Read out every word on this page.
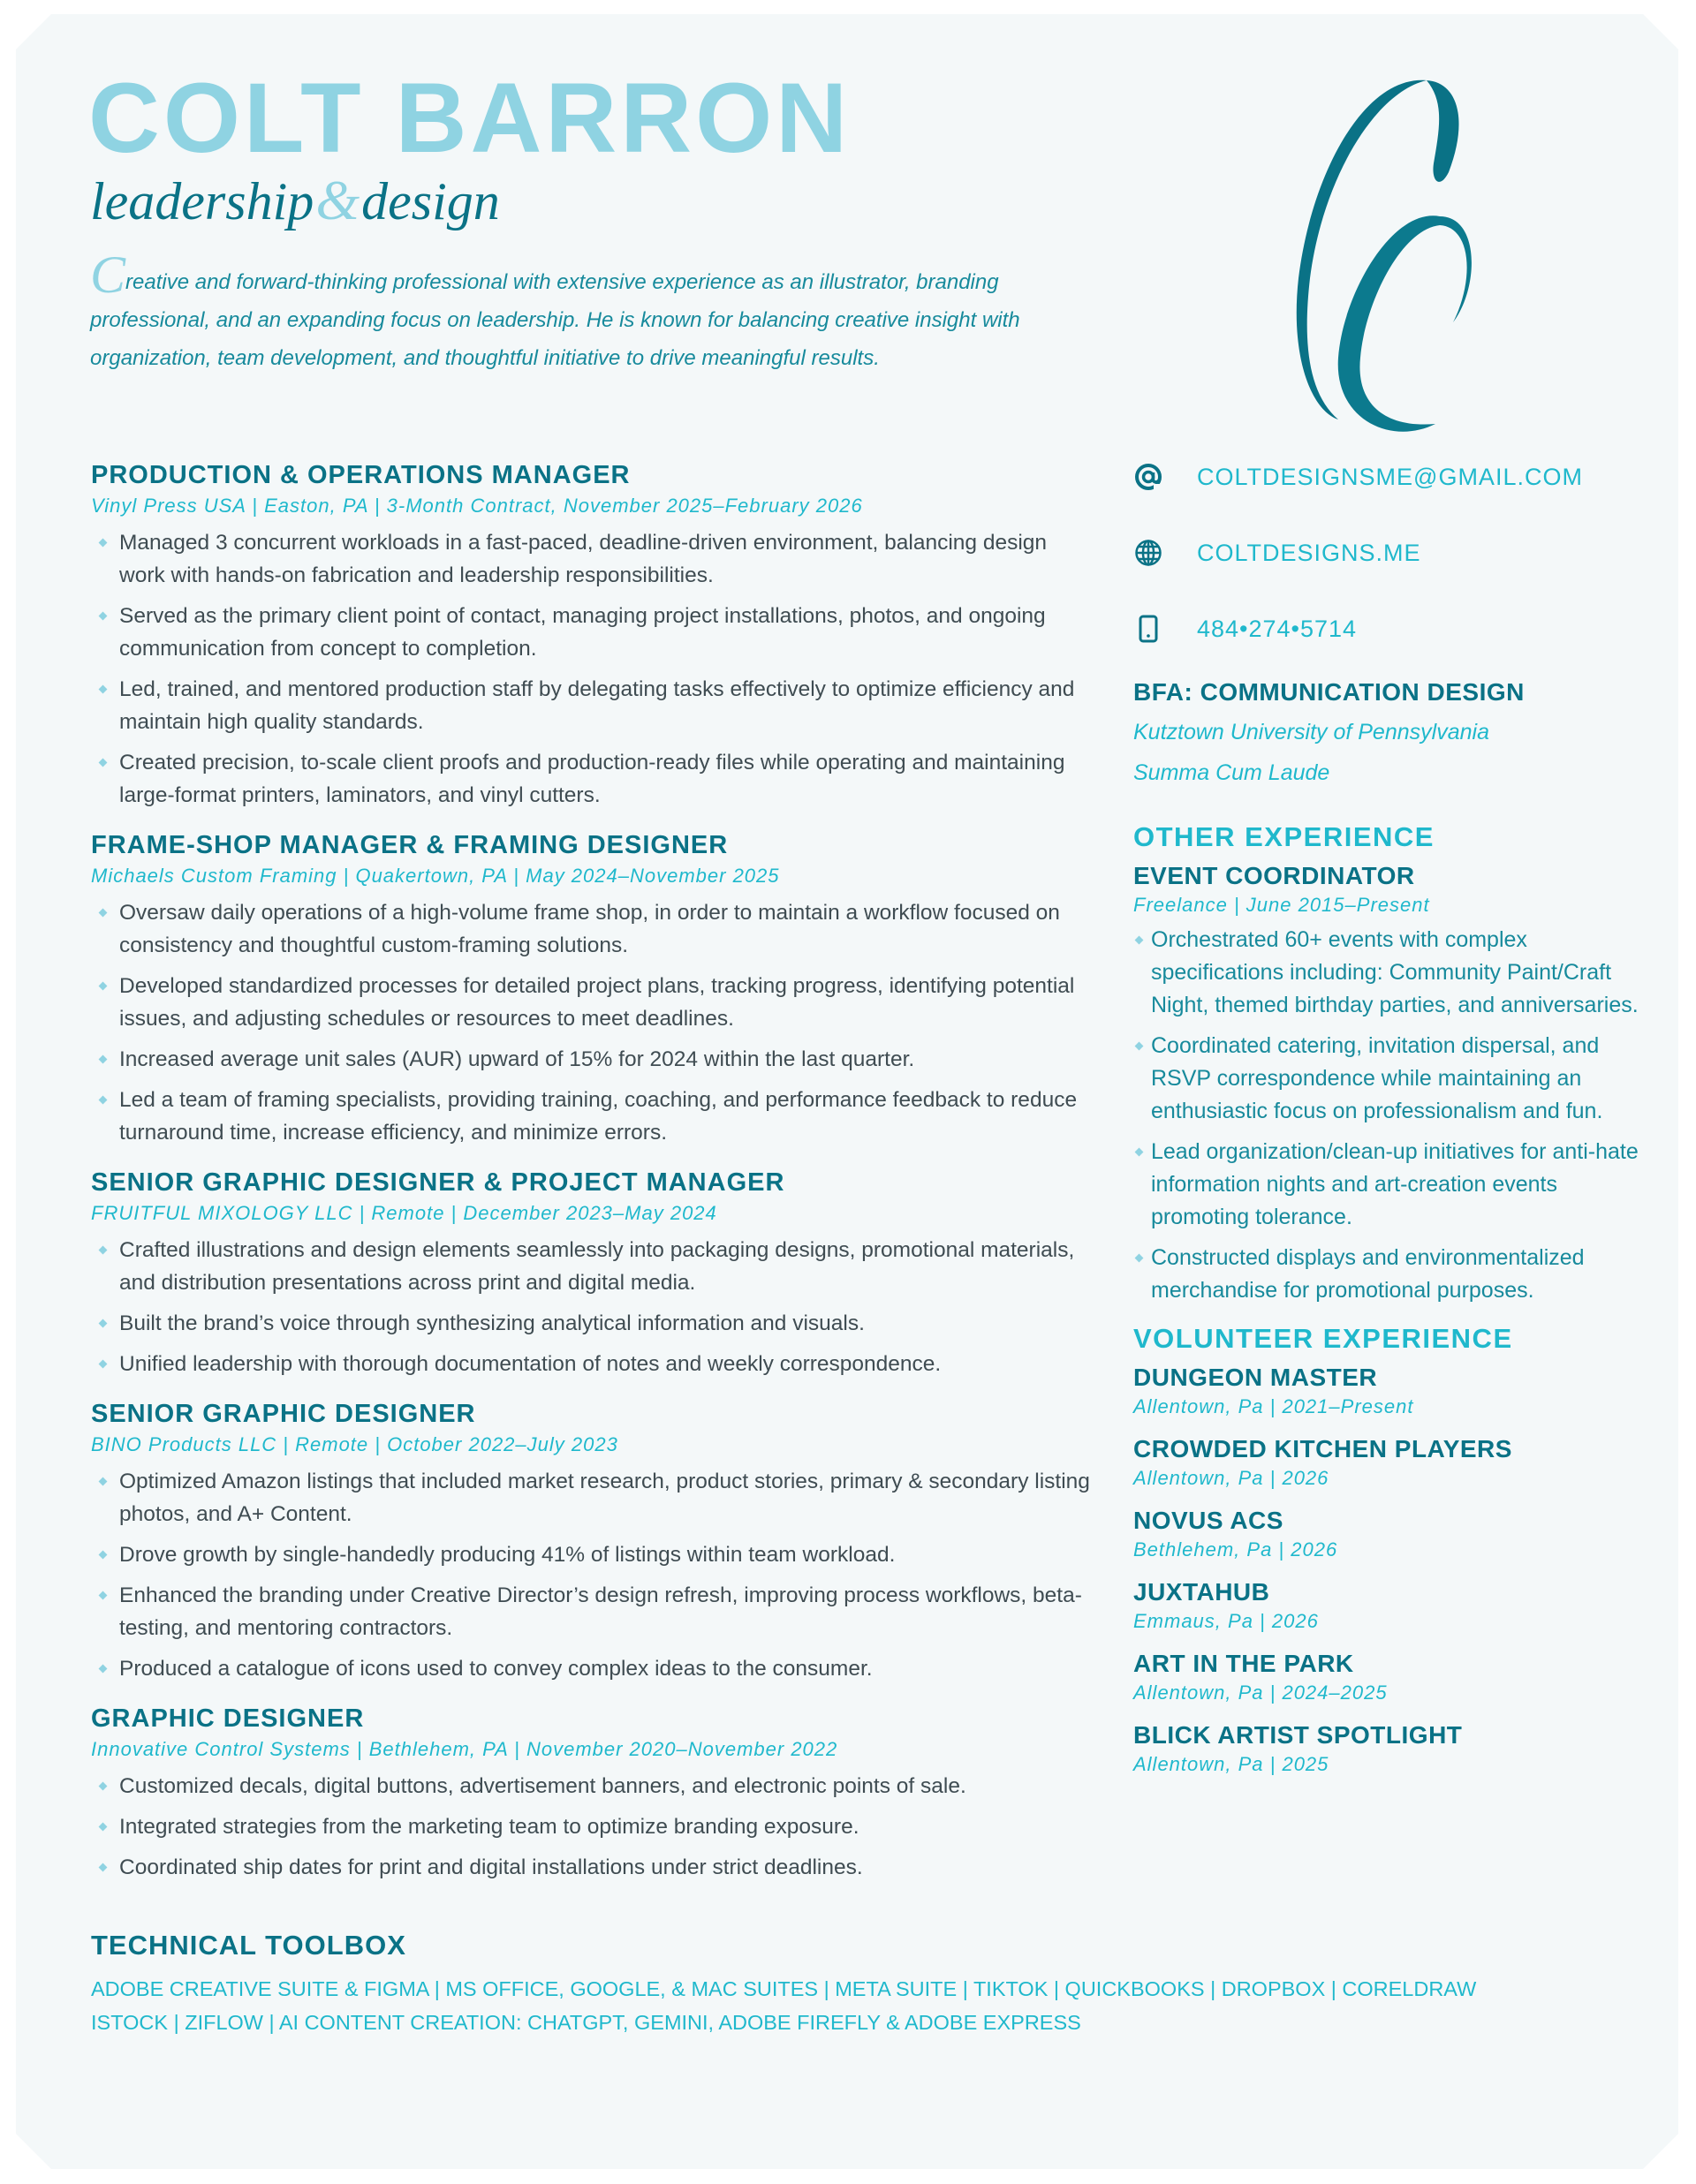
COLT BARRON
leadership&design
Creative and forward-thinking professional with extensive experience as an illustrator, branding professional, and an expanding focus on leadership. He is known for balancing creative insight with organization, team development, and thoughtful initiative to drive meaningful results.
PRODUCTION & OPERATIONS MANAGER
Vinyl Press USA | Easton, PA | 3-Month Contract, November 2025–February 2026
Managed 3 concurrent workloads in a fast-paced, deadline-driven environment, balancing design work with hands-on fabrication and leadership responsibilities.
Served as the primary client point of contact, managing project installations, photos, and ongoing communication from concept to completion.
Led, trained, and mentored production staff by delegating tasks effectively to optimize efficiency and maintain high quality standards.
Created precision, to-scale client proofs and production-ready files while operating and maintaining large-format printers, laminators, and vinyl cutters.
FRAME-SHOP MANAGER & FRAMING DESIGNER
Michaels Custom Framing | Quakertown, PA | May 2024–November 2025
Oversaw daily operations of a high-volume frame shop, in order to maintain a workflow focused on consistency and thoughtful custom-framing solutions.
Developed standardized processes for detailed project plans, tracking progress, identifying potential issues, and adjusting schedules or resources to meet deadlines.
Increased average unit sales (AUR) upward of 15% for 2024 within the last quarter.
Led a team of framing specialists, providing training, coaching, and performance feedback to reduce turnaround time, increase efficiency, and minimize errors.
SENIOR GRAPHIC DESIGNER & PROJECT MANAGER
FRUITFUL MIXOLOGY LLC | Remote | December 2023–May 2024
Crafted illustrations and design elements seamlessly into packaging designs, promotional materials, and distribution presentations across print and digital media.
Built the brand’s voice through synthesizing analytical information and visuals.
Unified leadership with thorough documentation of notes and weekly correspondence.
SENIOR GRAPHIC DESIGNER
BINO Products LLC | Remote | October 2022–July 2023
Optimized Amazon listings that included market research, product stories, primary & secondary listing photos, and A+ Content.
Drove growth by single-handedly producing 41% of listings within team workload.
Enhanced the branding under Creative Director’s design refresh, improving process workflows, beta-testing, and mentoring contractors.
Produced a catalogue of icons used to convey complex ideas to the consumer.
GRAPHIC DESIGNER
Innovative Control Systems | Bethlehem, PA | November 2020–November 2022
Customized decals, digital buttons, advertisement banners, and electronic points of sale.
Integrated strategies from the marketing team to optimize branding exposure.
Coordinated ship dates for print and digital installations under strict deadlines.
COLTDESIGNSME@GMAIL.COM
COLTDESIGNS.ME
484•274•5714
BFA: COMMUNICATION DESIGN
Kutztown University of Pennsylvania
Summa Cum Laude
OTHER EXPERIENCE
EVENT COORDINATOR
Freelance | June 2015–Present
Orchestrated 60+ events with complex specifications including: Community Paint/Craft Night, themed birthday parties, and anniversaries.
Coordinated catering, invitation dispersal, and RSVP correspondence while maintaining an enthusiastic focus on professionalism and fun.
Lead organization/clean-up initiatives for anti-hate information nights and art-creation events promoting tolerance.
Constructed displays and environmentalized merchandise for promotional purposes.
VOLUNTEER EXPERIENCE
DUNGEON MASTER
Allentown, Pa | 2021–Present
CROWDED KITCHEN PLAYERS
Allentown, Pa | 2026
NOVUS ACS
Bethlehem, Pa | 2026
JUXTAHUB
Emmaus, Pa | 2026
ART IN THE PARK
Allentown, Pa | 2024–2025
BLICK ARTIST SPOTLIGHT
Allentown, Pa | 2025
TECHNICAL TOOLBOX
ADOBE CREATIVE SUITE & FIGMA | MS OFFICE, GOOGLE, & MAC SUITES | META SUITE | TIKTOK | QUICKBOOKS | DROPBOX | CORELDRAW
ISTOCK | ZIFLOW | AI CONTENT CREATION: CHATGPT, GEMINI, ADOBE FIREFLY & ADOBE EXPRESS
